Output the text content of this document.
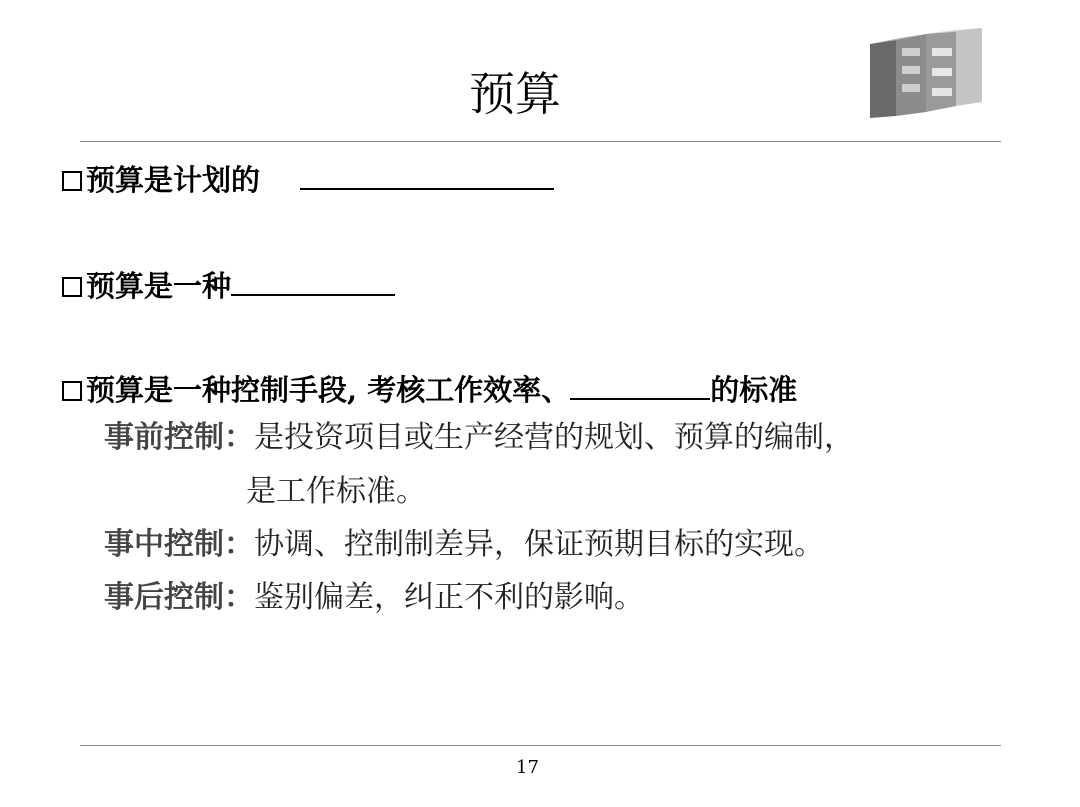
预算
预算是计划的
预算是一种
预算是一种控制手段, 考核工作效率、	的标准
事前控制：是投资项目或生产经营的规划、预算的编制，
是工作标准。
事中控制：协调、控制制差异，保证预期目标的实现。
事后控制：鉴别偏差，纠正不利的影响。
17
